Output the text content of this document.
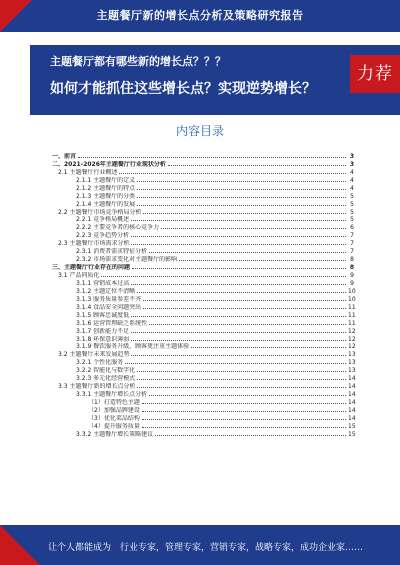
主题餐厅新的增长点分析及策略研究报告
主题餐厅都有哪些新的增长点？？？
如何才能抓住这些增长点？实现逆势增长？
力荐
内容目录
一、前言	3
二、2021-2026年主题餐厅行业现状分析	3
2.1 主题餐厅行业概述	4
2.1.1 主题餐厅的定义	4
2.1.2 主题餐厅的特点	4
2.1.3 主题餐厅的分类	5
2.1.4 主题餐厅的发展	5
2.2 主题餐厅市场竞争格局分析	5
2.2.1 竞争格局概述	5
2.2.2 主要竞争者的核心竞争力	6
2.2.3 竞争趋势分析	7
2.3 主题餐厅市场需求分析	7
2.3.1 消费者需求特征分析	7
2.3.2 市场需求变化对主题餐厅的影响	8
三、主题餐厅行业存在的问题	8
3.1 产品同质化	9
3.1.1 营销成本过高	9
3.1.2 主题定位不清晰	10
3.1.3 服务质量参差不齐	10
3.1.4 食品安全问题突出	11
3.1.5 顾客忠诚度低	11
3.1.6 运营管理缺乏系统性	11
3.1.7 创新能力不足	12
3.1.8 环保意识薄弱	12
3.1.9 餐饮服务升级，顾客更注重主题体验	12
3.2 主题餐厅未来发展趋势	13
3.2.1 个性化服务	13
3.2.2 智能化与数字化	13
3.2.3 多元化经营模式	14
3.3 主题餐厅新的增长点分析	14
3.3.1 主题餐厅增长点分析	14
（1）打造特色主题	14
（2）加强品牌建设	14
（3）优化菜品结构	14
（4）提升服务质量	15
3.3.2 主题餐厅增长策略建议	15
让个人都能成为 行业专家，管理专家，营销专家，战略专家，成功企业家……
